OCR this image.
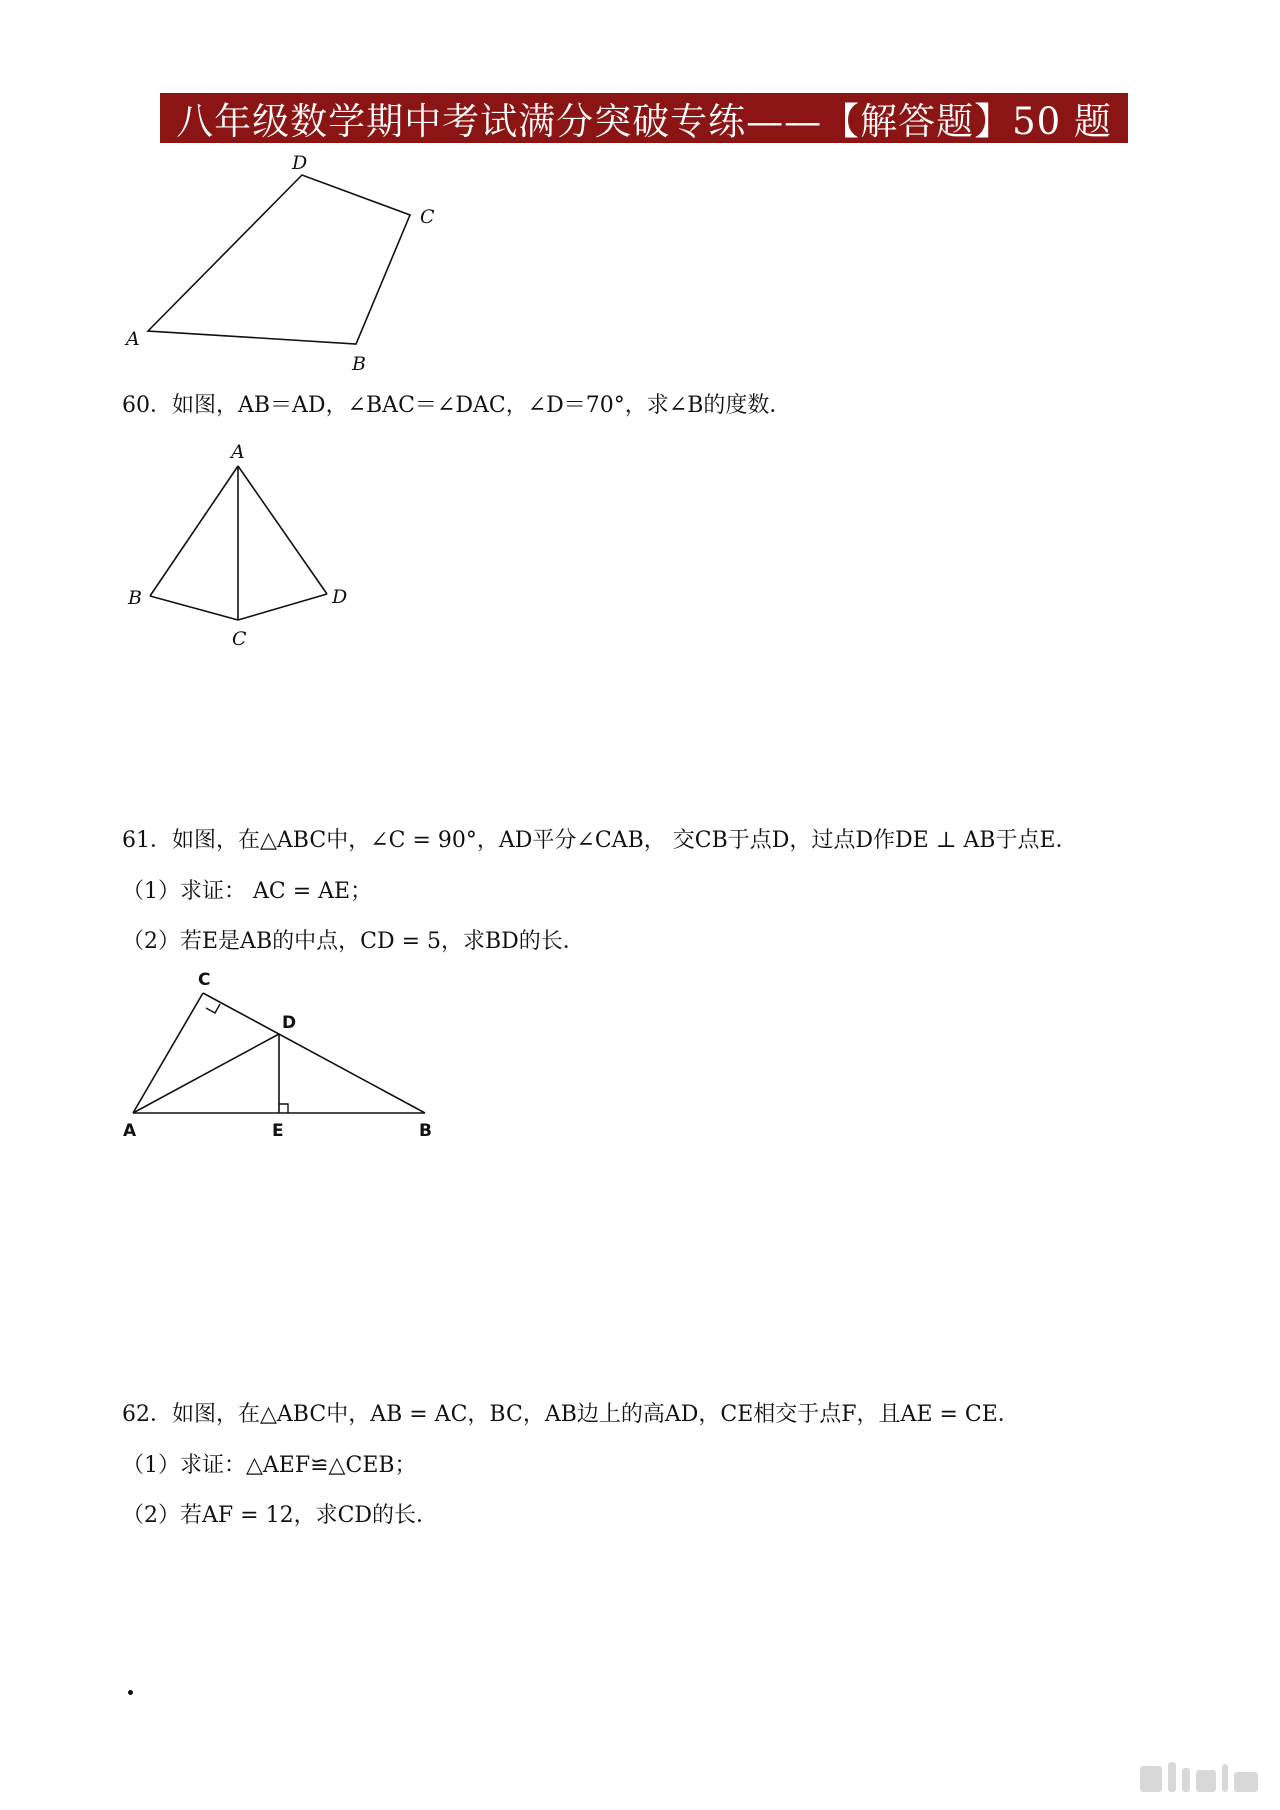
八年级数学期中考试满分突破专练——【解答题】50 题
A
D
C
B
60．如图，AB＝AD，∠BAC＝∠DAC，∠D＝70°，求∠B的度数．
A
B
C
D
61．如图，在△ABC中，∠C = 90°，AD平分∠CAB， 交CB于点D，过点D作DE ⊥ AB于点E．
（1）求证： AC = AE；
（2）若E是AB的中点，CD = 5，求BD的长．
C
D
A	E	B
62．如图，在△ABC中，AB = AC，BC，AB边上的高AD，CE相交于点F，且AE = CE．
（1）求证：△AEF≌△CEB；
（2）若AF = 12，求CD的长．
